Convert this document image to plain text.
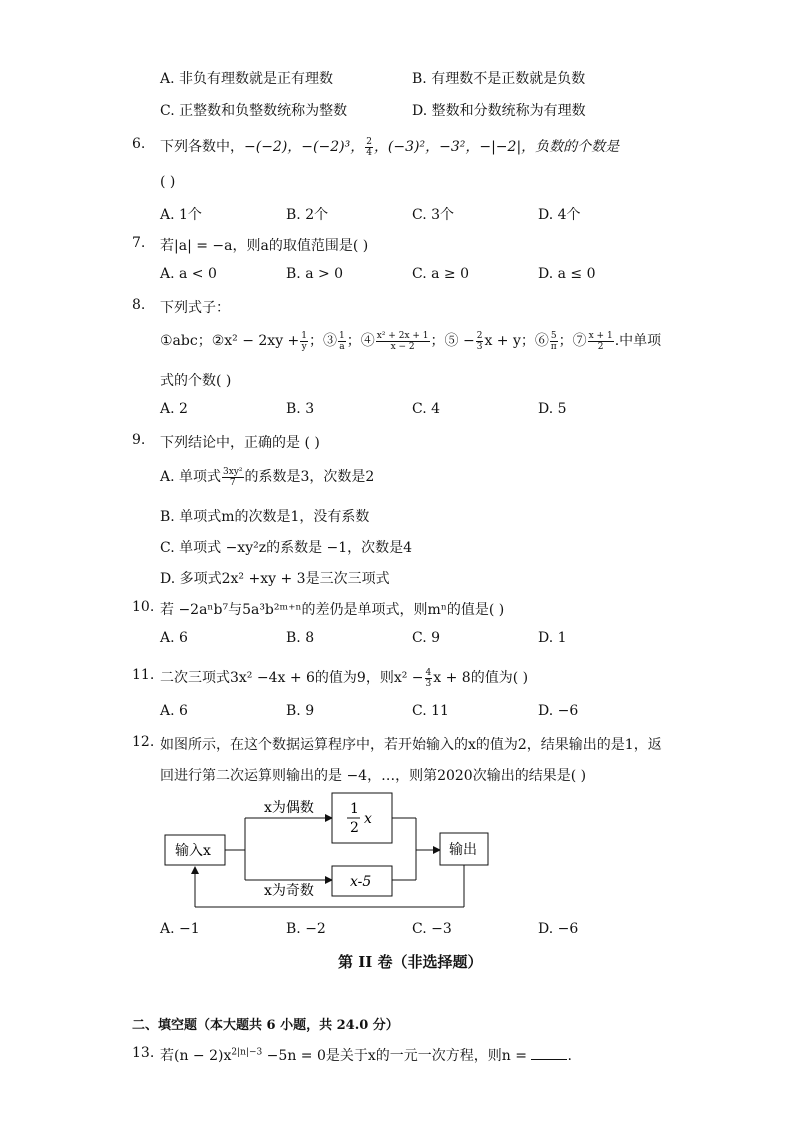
A. 非负有理数就是正有理数	B. 有理数不是正数就是负数
C. 正整数和负整数统称为整数	D. 整数和分数统称为有理数
6. 下列各数中，−(−2)，−(−2)³， $\frac{2}{4}$ ，(−3)²，−3²，−|−2|，负数的个数是
( )
A. 1个	B. 2个	C. 3个	D. 4个
7. 若|a| = −a，则a的取值范围是( )
A. a < 0	B. a > 0	C. a ≥ 0	D. a ≤ 0
8. 下列式子：
①abc；②x² − $2xy + \frac{1}{y}$ ；③ $\frac{1}{a}$ ；④ $\frac{\text{x² + 2x + 1}}{x - 2}$ ；⑤ − $\frac{2}{3}$ x + y；⑥ $\frac{5}{\pi}$ ；⑦ $\frac{x + 1}{2}$ .中单项
式的个数( )
A. 2	B. 3	C. 4	D. 5
9. 下列结论中，正确的是 ( )
A. 单项式 $\frac{\text{3xy²}}{7}$ 的系数是3，次数是2
B. 单项式m的次数是1，没有系数
C. 单项式 −xy²z的系数是 −1，次数是4
D. 多项式2x² +xy + 3是三次三项式
10. 若 −2aⁿb⁷与5a³b²ᵐ⁺ⁿ的差仍是单项式，则mⁿ的值是( )
A. 6	B. 8	C. 9	D. 1
11. 二次三项式3x² −4x + 6的值为9，则$x^2 - \frac{4}{3}$ x + 8的值为( )
A. 6	B. 9	C. 11	D. −6
12. 如图所示，在这个数据运算程序中，若开始输入的x的值为2，结果输出的是1，返
回进行第二次运算则输出的是 −4，…，则第2020次输出的结果是( )
输入x
x为偶数
x为奇数
1
2
x
x-5
输出
A. −1	B. −2	C. −3	D. −6
第 II 卷（非选择题）
二、填空题（本大题共 6 小题，共 24.0 分）
13. 若$(n - 2)x^{2|n|-3} -5n = 0$是关于x的一元一次方程，则n =	.
